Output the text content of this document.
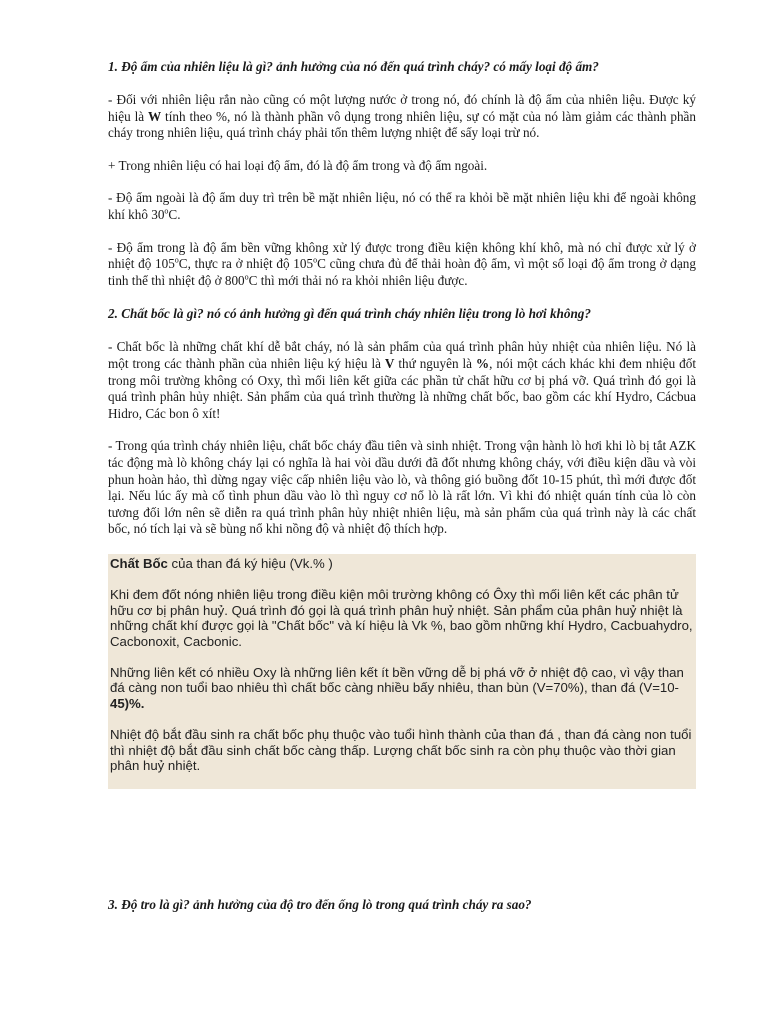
1. Độ ẩm của nhiên liệu là gì? ảnh hưởng của nó đến quá trình cháy? có mấy loại độ ẩm?

- Đối với nhiên liệu rắn nào cũng có một lượng nước ở trong nó, đó chính là độ ẩm của nhiên liệu. Được ký hiệu là W tính theo %, nó là thành phần vô dụng trong nhiên liệu, sự có mặt của nó làm giảm các thành phần cháy trong nhiên liệu, quá trình cháy phải tốn thêm lượng nhiệt để sấy loại trừ nó.

+ Trong nhiên liệu có hai loại độ ẩm, đó là độ ẩm trong và độ ẩm ngoài.

- Độ ẩm ngoài là độ ẩm duy trì trên bề mặt nhiên liệu, nó có thể ra khỏi bề mặt nhiên liệu khi để ngoài không khí khô 30$^o$C.

- Độ ẩm trong là độ ẩm bền vững không xử lý được trong điều kiện không khí khô, mà nó chỉ được xử lý ở nhiệt độ 105$^o$C, thực ra ở nhiệt độ 105$^o$C cũng chưa đủ để thải hoàn độ ẩm, vì một số loại độ ẩm trong ở dạng tinh thể thì nhiệt độ ở 800$^o$C thì mới thải nó ra khỏi nhiên liệu được.

2. Chất bốc là gì? nó có ảnh hưởng gì đến quá trình cháy nhiên liệu trong lò hơi không?

- Chất bốc là những chất khí dễ bắt cháy, nó là sản phẩm của quá trình phân hủy nhiệt của nhiên liệu. Nó là một trong các thành phần của nhiên liệu ký hiệu là V thứ nguyên là %, nói một cách khác khi đem nhiệu đốt trong môi trường không có Oxy, thì mối liên kết giữa các phần tử chất hữu cơ bị phá vỡ. Quá trình đó gọi là quá trình phân hủy nhiệt. Sản phẩm của quá trình thường là những chất bốc, bao gồm các khí Hydro, Cácbua Hidro, Các bon ô xít!

- Trong qúa trình cháy nhiên liệu, chất bốc cháy đầu tiên và sinh nhiệt. Trong vận hành lò hơi khi lò bị tắt AZK tác động mà lò không cháy lại có nghĩa là hai vòi dầu dưới đã đốt nhưng không cháy, với điều kiện dầu và vòi phun hoàn hảo, thì dừng ngay việc cấp nhiên liệu vào lò, và thông gió buồng đốt 10-15 phút, thì mới được đốt lại. Nếu lúc ấy mà cố tình phun dầu vào lò thì nguy cơ nổ lò là rất lớn. Vì khi đó nhiệt quán tính của lò còn tương đối lớn nên sẽ diễn ra quá trình phân hủy nhiệt nhiên liệu, mà sản phẩm của quá trình này là các chất bốc, nó tích lại và sẽ bùng nổ khi nồng độ và nhiệt độ thích hợp.

Chất Bốc của than đá ký hiệu (Vk.% )

Khi đem đốt nóng nhiên liệu trong điều kiện môi trường không có Ôxy thì mối liên kết các phân tử hữu cơ bị phân huỷ. Quá trình đó gọi là quá trình phân huỷ nhiệt. Sản phẩm của phân huỷ nhiệt là những chất khí được gọi là "Chất bốc" và kí hiệu là Vk %, bao gồm những khí Hydro, Cacbuahydro, Cacbonoxit, Cacbonic.

Những liên kết có nhiều Oxy là những liên kết ít bền vững dễ bị phá vỡ ở nhiệt độ cao, vì vậy than đá càng non tuổi bao nhiêu thì chất bốc càng nhiều bấy nhiêu, than bùn (V=70%), than đá (V=10-45)%.

Nhiệt độ bắt đầu sinh ra chất bốc phụ thuộc vào tuổi hình thành của than đá , than đá càng non tuổi thì nhiệt độ bắt đầu sinh chất bốc càng thấp. Lượng chất bốc sinh ra còn phụ thuộc vào thời gian phân huỷ nhiệt.

3. Độ tro là gì? ảnh hưởng của độ tro đến ống lò trong quá trình cháy ra sao?
